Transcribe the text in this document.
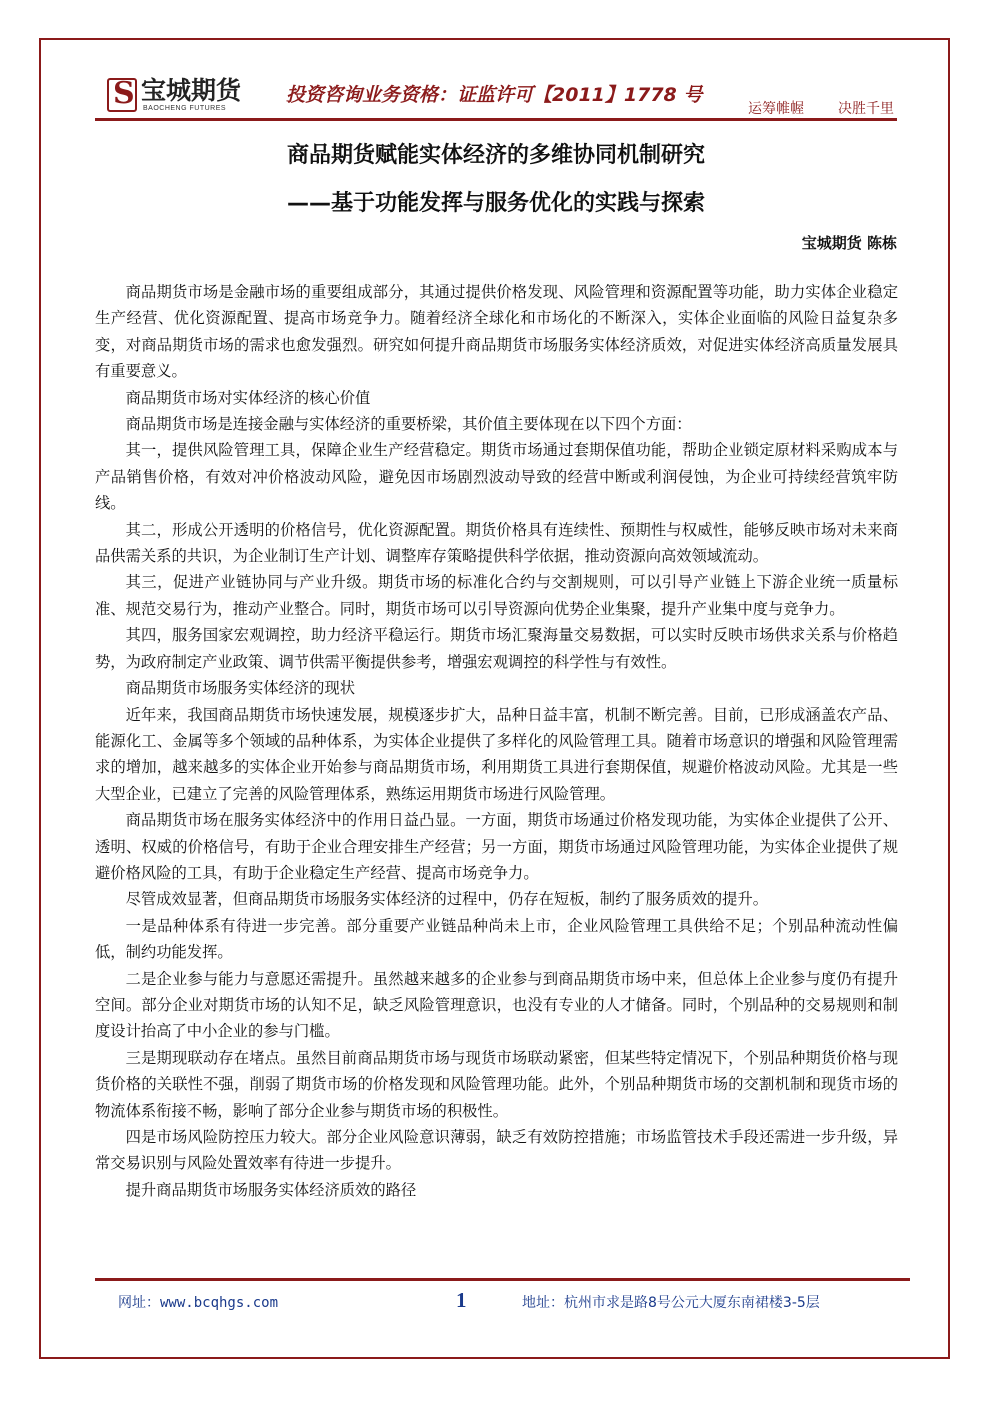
S 宝城期货
BAOCHENG FUTURES
投资咨询业务资格：证监许可【2011】1778 号
运筹帷幄 决胜千里
商品期货赋能实体经济的多维协同机制研究
——基于功能发挥与服务优化的实践与探索
宝城期货 陈栋

商品期货市场是金融市场的重要组成部分，其通过提供价格发现、风险管理和资源配置等功能，助力实体企业稳定生产经营、优化资源配置、提高市场竞争力。随着经济全球化和市场化的不断深入，实体企业面临的风险日益复杂多变，对商品期货市场的需求也愈发强烈。研究如何提升商品期货市场服务实体经济质效，对促进实体经济高质量发展具有重要意义。

商品期货市场对实体经济的核心价值

商品期货市场是连接金融与实体经济的重要桥梁，其价值主要体现在以下四个方面：

其一，提供风险管理工具，保障企业生产经营稳定。期货市场通过套期保值功能，帮助企业锁定原材料采购成本与产品销售价格，有效对冲价格波动风险，避免因市场剧烈波动导致的经营中断或利润侵蚀，为企业可持续经营筑牢防线。

其二，形成公开透明的价格信号，优化资源配置。期货价格具有连续性、预期性与权威性，能够反映市场对未来商品供需关系的共识，为企业制订生产计划、调整库存策略提供科学依据，推动资源向高效领域流动。

其三，促进产业链协同与产业升级。期货市场的标准化合约与交割规则，可以引导产业链上下游企业统一质量标准、规范交易行为，推动产业整合。同时，期货市场可以引导资源向优势企业集聚，提升产业集中度与竞争力。

其四，服务国家宏观调控，助力经济平稳运行。期货市场汇聚海量交易数据，可以实时反映市场供求关系与价格趋势，为政府制定产业政策、调节供需平衡提供参考，增强宏观调控的科学性与有效性。

商品期货市场服务实体经济的现状

近年来，我国商品期货市场快速发展，规模逐步扩大，品种日益丰富，机制不断完善。目前，已形成涵盖农产品、能源化工、金属等多个领域的品种体系，为实体企业提供了多样化的风险管理工具。随着市场意识的增强和风险管理需求的增加，越来越多的实体企业开始参与商品期货市场，利用期货工具进行套期保值，规避价格波动风险。尤其是一些大型企业，已建立了完善的风险管理体系，熟练运用期货市场进行风险管理。

商品期货市场在服务实体经济中的作用日益凸显。一方面，期货市场通过价格发现功能，为实体企业提供了公开、透明、权威的价格信号，有助于企业合理安排生产经营；另一方面，期货市场通过风险管理功能，为实体企业提供了规避价格风险的工具，有助于企业稳定生产经营、提高市场竞争力。

尽管成效显著，但商品期货市场服务实体经济的过程中，仍存在短板，制约了服务质效的提升。

一是品种体系有待进一步完善。部分重要产业链品种尚未上市，企业风险管理工具供给不足；个别品种流动性偏低，制约功能发挥。

二是企业参与能力与意愿还需提升。虽然越来越多的企业参与到商品期货市场中来，但总体上企业参与度仍有提升空间。部分企业对期货市场的认知不足，缺乏风险管理意识，也没有专业的人才储备。同时，个别品种的交易规则和制度设计抬高了中小企业的参与门槛。

三是期现联动存在堵点。虽然目前商品期货市场与现货市场联动紧密，但某些特定情况下，个别品种期货价格与现货价格的关联性不强，削弱了期货市场的价格发现和风险管理功能。此外，个别品种期货市场的交割机制和现货市场的物流体系衔接不畅，影响了部分企业参与期货市场的积极性。

四是市场风险防控压力较大。部分企业风险意识薄弱，缺乏有效防控措施；市场监管技术手段还需进一步升级，异常交易识别与风险处置效率有待进一步提升。

提升商品期货市场服务实体经济质效的路径

网址：www.bcqhgs.com	1	地址：杭州市求是路8号公元大厦东南裙楼3-5层
